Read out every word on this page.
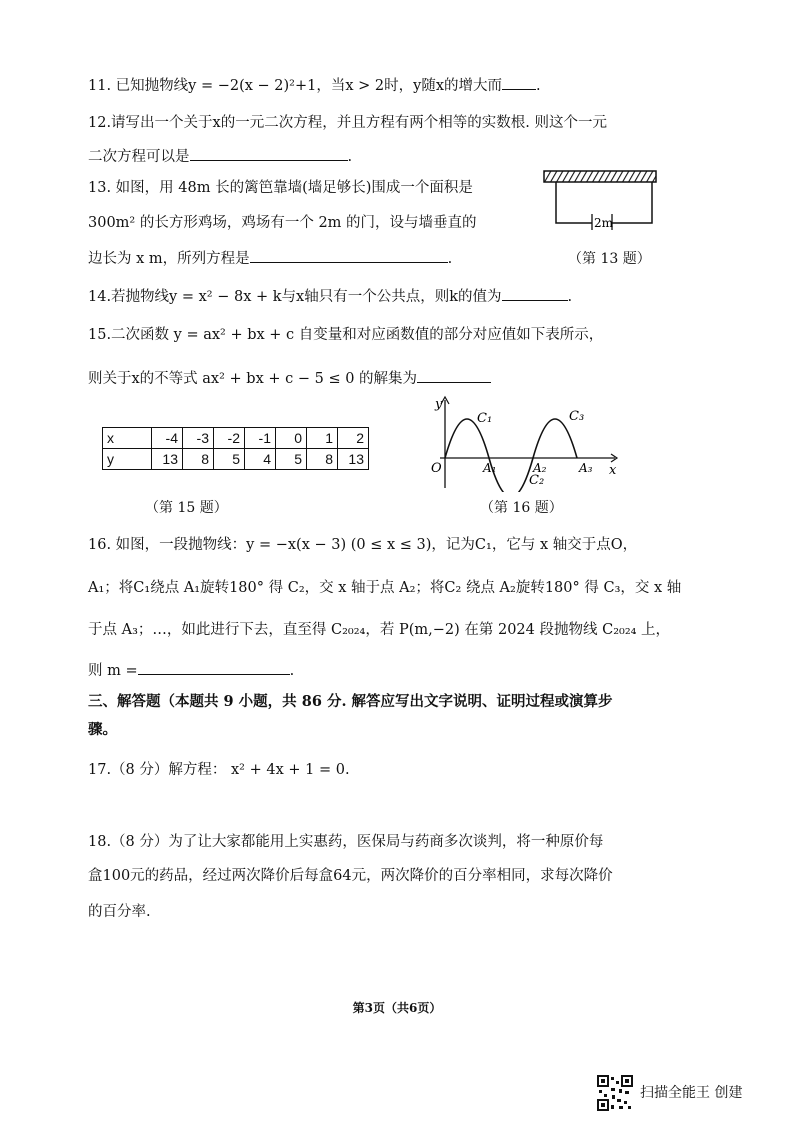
11. 已知抛物线y = −2(x − 2)²+1，当x > 2时，y随x的增大而 .
12.请写出一个关于x的一元二次方程，并且方程有两个相等的实数根. 则这个一元
二次方程可以是	.
13. 如图，用 48m 长的篱笆靠墙(墙足够长)围成一个面积是
300m² 的长方形鸡场，鸡场有一个 2m 的门，设与墙垂直的
边长为 x m，所列方程是	.
2m
（第 13 题）
14.若抛物线y = x² − 8x + k与x轴只有一个公共点，则k的值为	.
15.二次函数 y = ax² + bx + c 自变量和对应函数值的部分对应值如下表所示，
则关于x的不等式 ax² + bx + c − 5 ≤ 0 的解集为
x	-4	-3	-2	-1	0	1	2
y	13	8	5	4	5	8	13
（第 15 题）
y
x
O
C₁
C₂
C₃
A₁	A₂	A₃
（第 16 题）
16. 如图，一段抛物线：y = −x(x − 3) (0 ≤ x ≤ 3)，记为C₁，它与 x 轴交于点O，
A₁；将C₁绕点 A₁旋转180° 得 C₂，交 x 轴于点 A₂；将C₂ 绕点 A₂旋转180° 得 C₃，交 x 轴
于点 A₃；…，如此进行下去，直至得 C₂₀₂₄，若 P(m,−2) 在第 2024 段抛物线 C₂₀₂₄ 上，
则 m =	.
三、解答题（本题共 9 小题，共 86 分. 解答应写出文字说明、证明过程或演算步
骤。
17.（8 分）解方程： x² + 4x + 1 = 0.
18.（8 分）为了让大家都能用上实惠药，医保局与药商多次谈判，将一种原价每
盒100元的药品，经过两次降价后每盒64元，两次降价的百分率相同，求每次降价
的百分率.
第3页（共6页）
扫描全能王 创建
